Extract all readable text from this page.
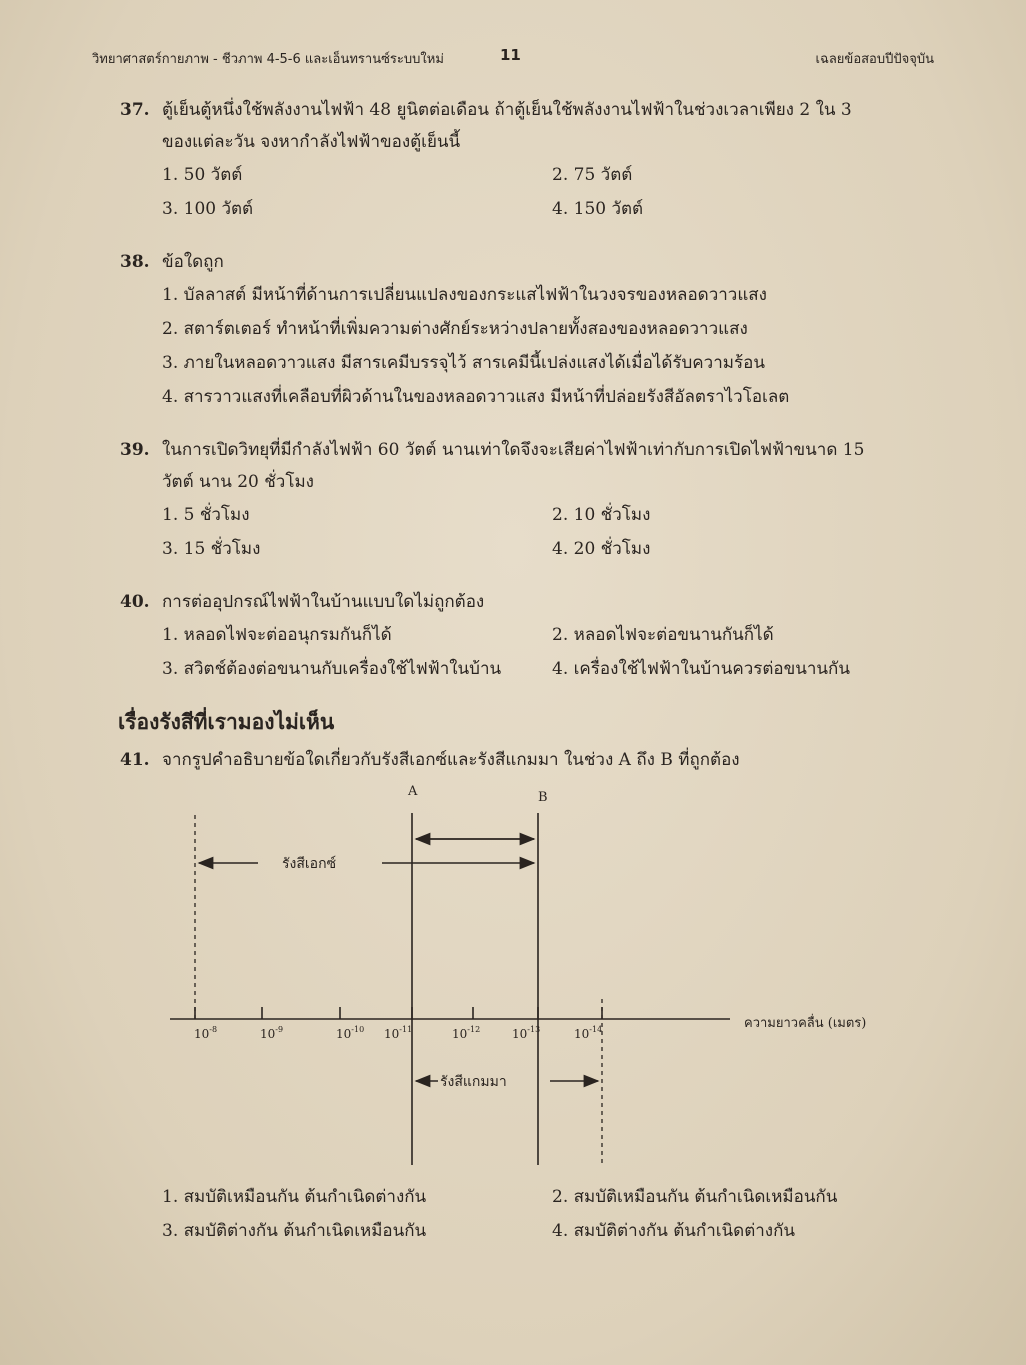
วิทยาศาสตร์กายภาพ - ชีวภาพ 4-5-6 และเอ็นทรานซ์ระบบใหม่	11	เฉลยข้อสอบปีปัจจุบัน
37. ตู้เย็นตู้หนึ่งใช้พลังงานไฟฟ้า 48 ยูนิตต่อเดือน ถ้าตู้เย็นใช้พลังงานไฟฟ้าในช่วงเวลาเพียง 2 ใน 3
ของแต่ละวัน จงหากำลังไฟฟ้าของตู้เย็นนี้
1. 50 วัตต์	2. 75 วัตต์
3. 100 วัตต์	4. 150 วัตต์
38. ข้อใดถูก
1. บัลลาสต์ มีหน้าที่ด้านการเปลี่ยนแปลงของกระแสไฟฟ้าในวงจรของหลอดวาวแสง
2. สตาร์ตเตอร์ ทำหน้าที่เพิ่มความต่างศักย์ระหว่างปลายทั้งสองของหลอดวาวแสง
3. ภายในหลอดวาวแสง มีสารเคมีบรรจุไว้ สารเคมีนี้เปล่งแสงได้เมื่อได้รับความร้อน
4. สารวาวแสงที่เคลือบที่ผิวด้านในของหลอดวาวแสง มีหน้าที่ปล่อยรังสีอัลตราไวโอเลต
39. ในการเปิดวิทยุที่มีกำลังไฟฟ้า 60 วัตต์ นานเท่าใดจึงจะเสียค่าไฟฟ้าเท่ากับการเปิดไฟฟ้าขนาด 15
วัตต์ นาน 20 ชั่วโมง
1. 5 ชั่วโมง	2. 10 ชั่วโมง
3. 15 ชั่วโมง	4. 20 ชั่วโมง
40. การต่ออุปกรณ์ไฟฟ้าในบ้านแบบใดไม่ถูกต้อง
1. หลอดไฟจะต่ออนุกรมกันก็ได้	2. หลอดไฟจะต่อขนานกันก็ได้
3. สวิตช์ต้องต่อขนานกับเครื่องใช้ไฟฟ้าในบ้าน	4. เครื่องใช้ไฟฟ้าในบ้านควรต่อขนานกัน
เรื่องรังสีที่เรามองไม่เห็น
41. จากรูปคำอธิบายข้อใดเกี่ยวกับรังสีเอกซ์และรังสีแกมมา ในช่วง A ถึง B ที่ถูกต้อง
$10^{-8}$	$10^{-9}$	$10^{-10}$ $10^{-11}$	$10^{-12}$	$10^{-13}$	$10^{-14}$	ความยาวคลื่น (เมตร)
A	B
รังสีเอกซ์
รังสีแกมมา
1. สมบัติเหมือนกัน ต้นกำเนิดต่างกัน	2. สมบัติเหมือนกัน ต้นกำเนิดเหมือนกัน
3. สมบัติต่างกัน ต้นกำเนิดเหมือนกัน	4. สมบัติต่างกัน ต้นกำเนิดต่างกัน
